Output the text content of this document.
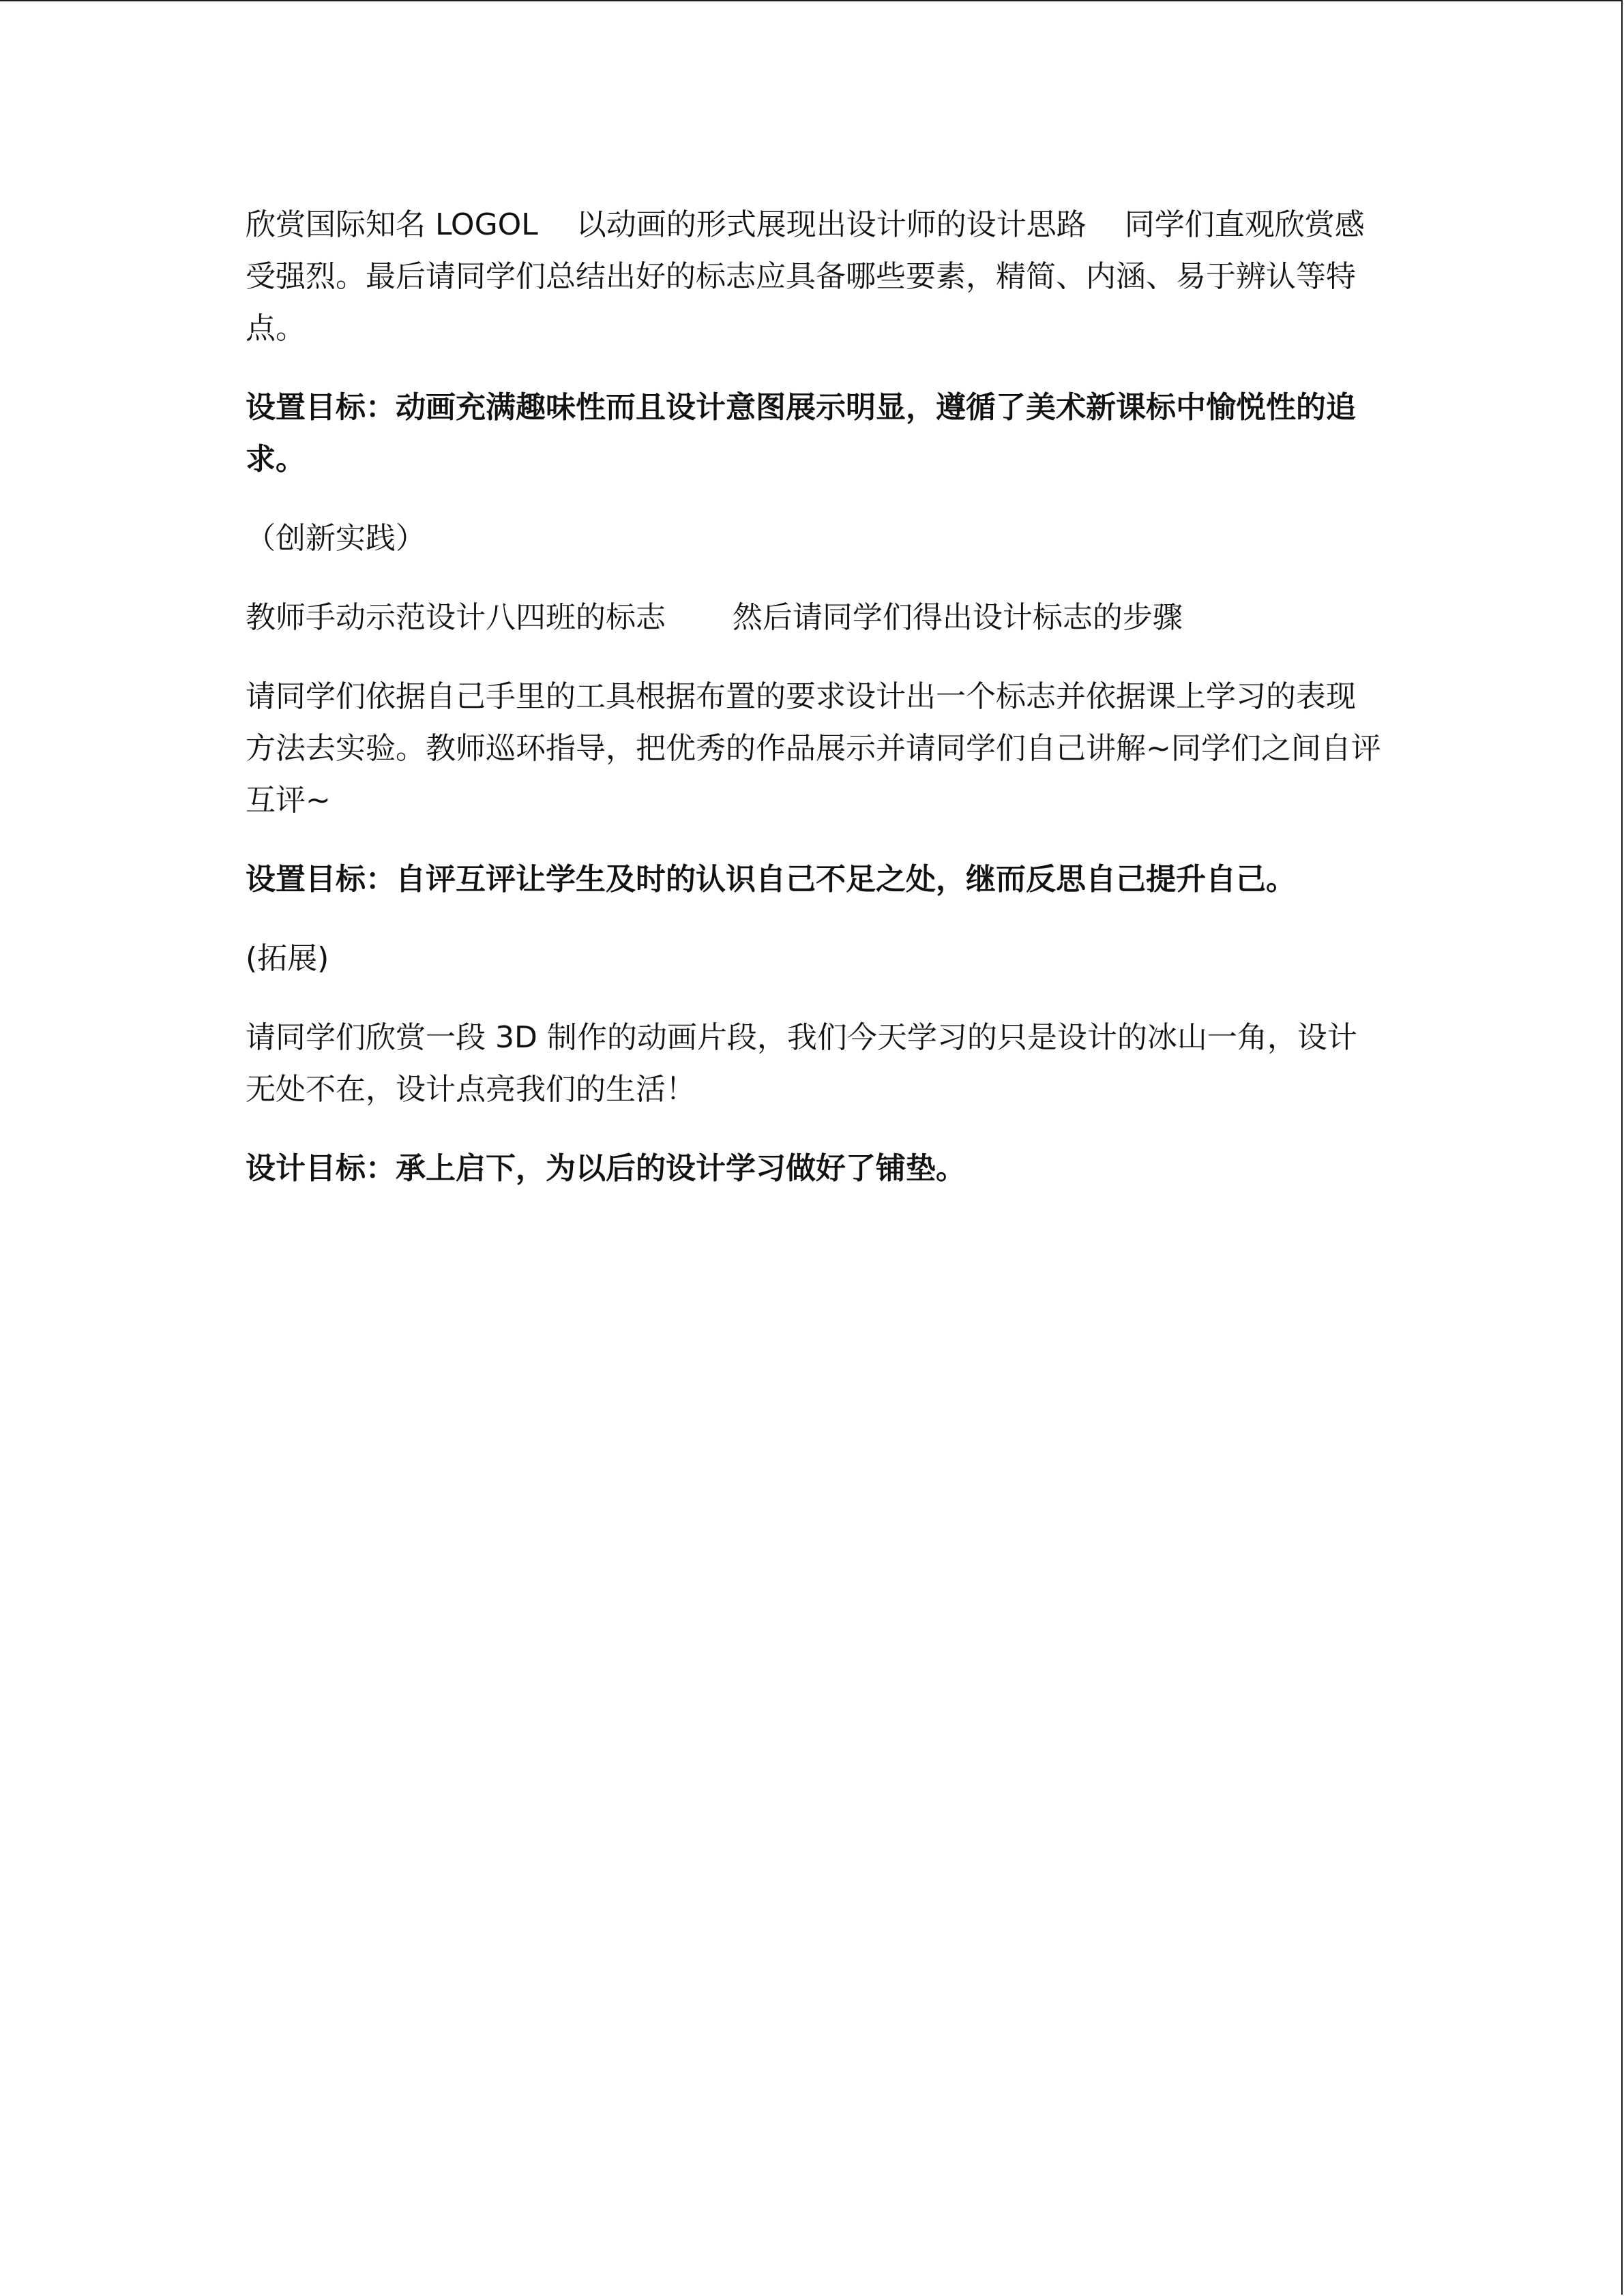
欣赏国际知名 LOGOL    以动画的形式展现出设计师的设计思路    同学们直观欣赏感受强烈。最后请同学们总结出好的标志应具备哪些要素，精简、内涵、易于辨认等特点。

设置目标：动画充满趣味性而且设计意图展示明显，遵循了美术新课标中愉悦性的追求。

（创新实践）

教师手动示范设计八四班的标志       然后请同学们得出设计标志的步骤

请同学们依据自己手里的工具根据布置的要求设计出一个标志并依据课上学习的表现方法去实验。教师巡环指导，把优秀的作品展示并请同学们自己讲解~同学们之间自评互评~

设置目标：自评互评让学生及时的认识自己不足之处，继而反思自己提升自己。

(拓展)

请同学们欣赏一段 3D 制作的动画片段，我们今天学习的只是设计的冰山一角，设计无处不在，设计点亮我们的生活！

设计目标：承上启下，为以后的设计学习做好了铺垫。
